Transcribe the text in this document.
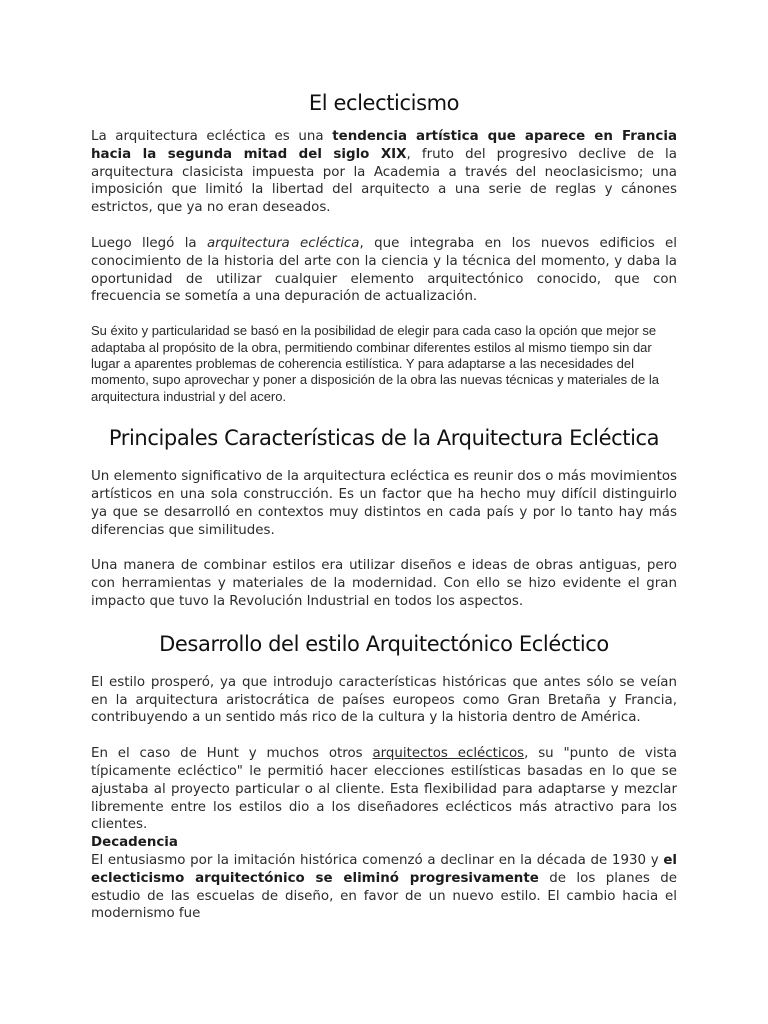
El eclecticismo

La arquitectura ecléctica es una tendencia artística que aparece en Francia hacia la segunda mitad del siglo XIX, fruto del progresivo declive de la arquitectura clasicista impuesta por la Academia a través del neoclasicismo; una imposición que limitó la libertad del arquitecto a una serie de reglas y cánones estrictos, que ya no eran deseados.

Luego llegó la arquitectura ecléctica, que integraba en los nuevos edificios el conocimiento de la historia del arte con la ciencia y la técnica del momento, y daba la oportunidad de utilizar cualquier elemento arquitectónico conocido, que con frecuencia se sometía a una depuración de actualización.

Su éxito y particularidad se basó en la posibilidad de elegir para cada caso la opción que mejor se adaptaba al propósito de la obra, permitiendo combinar diferentes estilos al mismo tiempo sin dar lugar a aparentes problemas de coherencia estilística. Y para adaptarse a las necesidades del momento, supo aprovechar y poner a disposición de la obra las nuevas técnicas y materiales de la arquitectura industrial y del acero.

Principales Características de la Arquitectura Ecléctica

Un elemento significativo de la arquitectura ecléctica es reunir dos o más movimientos artísticos en una sola construcción. Es un factor que ha hecho muy difícil distinguirlo ya que se desarrolló en contextos muy distintos en cada país y por lo tanto hay más diferencias que similitudes.

Una manera de combinar estilos era utilizar diseños e ideas de obras antiguas, pero con herramientas y materiales de la modernidad. Con ello se hizo evidente el gran impacto que tuvo la Revolución Industrial en todos los aspectos.

Desarrollo del estilo Arquitectónico Ecléctico

El estilo prosperó, ya que introdujo características históricas que antes sólo se veían en la arquitectura aristocrática de países europeos como Gran Bretaña y Francia, contribuyendo a un sentido más rico de la cultura y la historia dentro de América.

En el caso de Hunt y muchos otros arquitectos eclécticos, su "punto de vista típicamente ecléctico" le permitió hacer elecciones estilísticas basadas en lo que se ajustaba al proyecto particular o al cliente. Esta flexibilidad para adaptarse y mezclar libremente entre los estilos dio a los diseñadores eclécticos más atractivo para los clientes.

Decadencia

El entusiasmo por la imitación histórica comenzó a declinar en la década de 1930 y el eclecticismo arquitectónico se eliminó progresivamente de los planes de estudio de las escuelas de diseño, en favor de un nuevo estilo. El cambio hacia el modernismo fue
